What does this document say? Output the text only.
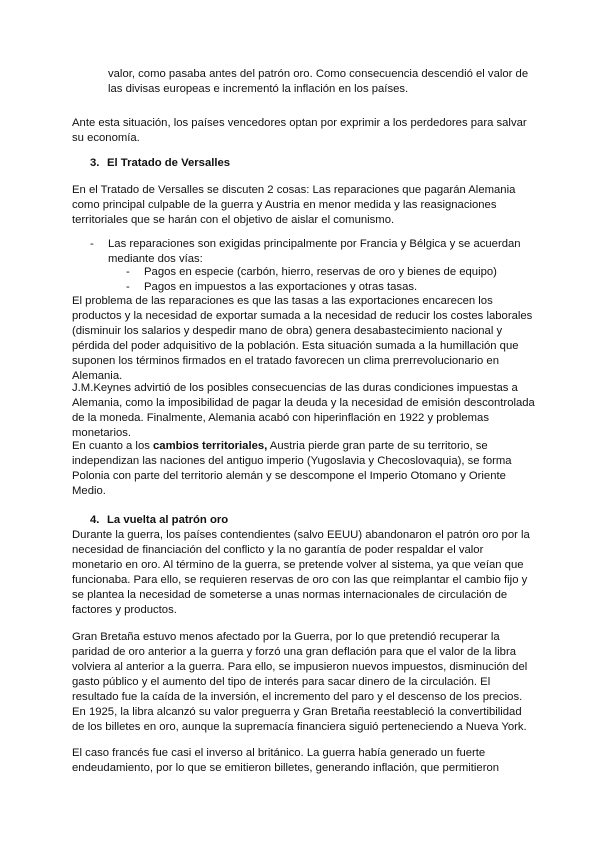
valor, como pasaba antes del patrón oro. Como consecuencia descendió el valor de

las divisas europeas e incrementó la inflación en los países.

Ante esta situación, los países vencedores optan por exprimir a los perdedores para salvar

su economía.

3. El Tratado de Versalles

En el Tratado de Versalles se discuten 2 cosas: Las reparaciones que pagarán Alemania

como principal culpable de la guerra y Austria en menor medida y las reasignaciones

territoriales que se harán con el objetivo de aislar el comunismo.

- Las reparaciones son exigidas principalmente por Francia y Bélgica y se acuerdan

mediante dos vías:

- Pagos en especie (carbón, hierro, reservas de oro y bienes de equipo)

- Pagos en impuestos a las exportaciones y otras tasas.

El problema de las reparaciones es que las tasas a las exportaciones encarecen los

productos y la necesidad de exportar sumada a la necesidad de reducir los costes laborales

(disminuir los salarios y despedir mano de obra) genera desabastecimiento nacional y

pérdida del poder adquisitivo de la población. Esta situación sumada a la humillación que

suponen los términos firmados en el tratado favorecen un clima prerrevolucionario en

Alemania.

J.M.Keynes advirtió de los posibles consecuencias de las duras condiciones impuestas a

Alemania, como la imposibilidad de pagar la deuda y la necesidad de emisión descontrolada

de la moneda. Finalmente, Alemania acabó con hiperinflación en 1922 y problemas

monetarios.

En cuanto a los cambios territoriales, Austria pierde gran parte de su territorio, se

independizan las naciones del antiguo imperio (Yugoslavia y Checoslovaquia), se forma

Polonia con parte del territorio alemán y se descompone el Imperio Otomano y Oriente

Medio.

4. La vuelta al patrón oro

Durante la guerra, los países contendientes (salvo EEUU) abandonaron el patrón oro por la

necesidad de financiación del conflicto y la no garantía de poder respaldar el valor

monetario en oro. Al término de la guerra, se pretende volver al sistema, ya que veían que

funcionaba. Para ello, se requieren reservas de oro con las que reimplantar el cambio fijo y

se plantea la necesidad de someterse a unas normas internacionales de circulación de

factores y productos.

Gran Bretaña estuvo menos afectado por la Guerra, por lo que pretendió recuperar la

paridad de oro anterior a la guerra y forzó una gran deflación para que el valor de la libra

volviera al anterior a la guerra. Para ello, se impusieron nuevos impuestos, disminución del

gasto público y el aumento del tipo de interés para sacar dinero de la circulación. El

resultado fue la caída de la inversión, el incremento del paro y el descenso de los precios.

En 1925, la libra alcanzó su valor preguerra y Gran Bretaña reestableció la convertibilidad

de los billetes en oro, aunque la supremacía financiera siguió perteneciendo a Nueva York.

El caso francés fue casi el inverso al británico. La guerra había generado un fuerte

endeudamiento, por lo que se emitieron billetes, generando inflación, que permitieron
